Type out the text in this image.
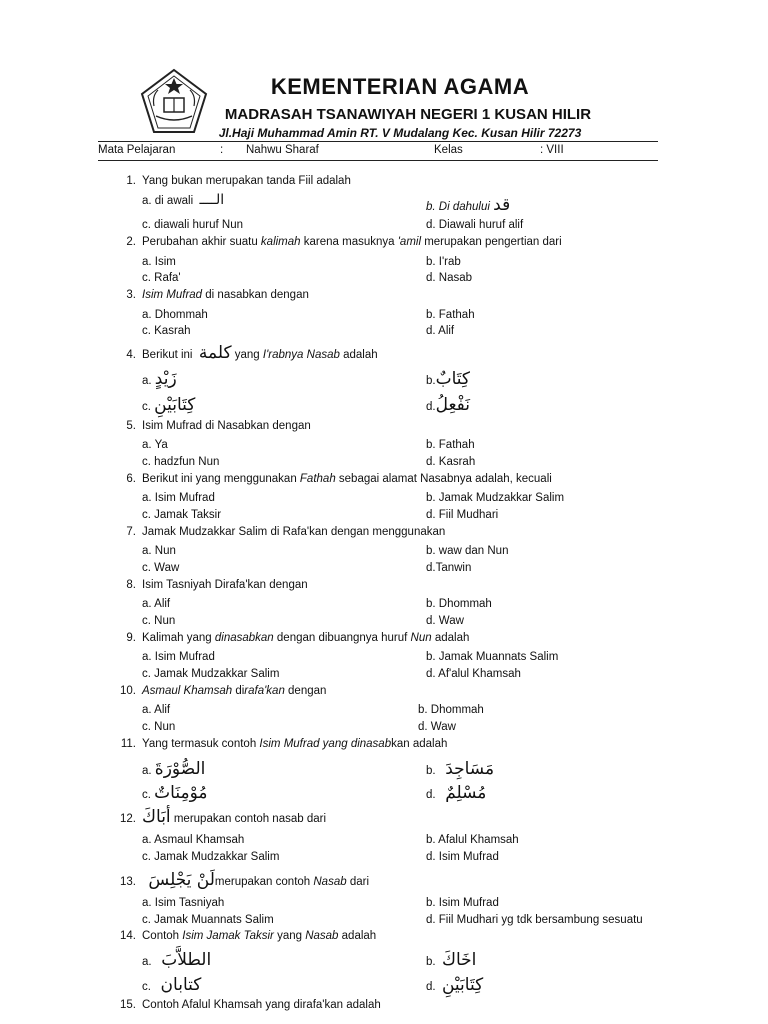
KEMENTERIAN AGAMA
MADRASAH TSANAWIYAH NEGERI 1 KUSAN HILIR
Jl.Haji Muhammad Amin RT. V Mudalang Kec. Kusan Hilir 72273
Mata Pelajaran	: Nahwu Sharaf	Kelas	: VIII
1. Yang bukan merupakan tanda Fiil adalah
a. di awali الــــ	b. Di dahului قد
c. diawali huruf Nun	d. Diawali huruf alif
2. Perubahan akhir suatu kalimah karena masuknya 'amil merupakan pengertian dari
a. Isim	b. I'rab
c. Rafa'	d. Nasab
3. Isim Mufrad di nasabkan dengan
a. Dhommah	b. Fathah
c. Kasrah	d. Alif
4. Berikut ini  كلمة yang I'rabnya Nasab adalah
a. زَيْدٍ	b.كِتَابٌ
c. كِتَابَيْنِ	d.نَفْعِلُ
5. Isim Mufrad di Nasabkan dengan
a. Ya	b. Fathah
c. hadzfun Nun	d. Kasrah
6. Berikut ini yang menggunakan Fathah sebagai alamat Nasabnya adalah, kecuali
a. Isim Mufrad	b. Jamak Mudzakkar Salim
c. Jamak Taksir	d. Fiil Mudhari
7. Jamak Mudzakkar Salim di Rafa'kan dengan menggunakan
a. Nun	b. waw dan Nun
c. Waw	d.Tanwin
8. Isim Tasniyah Dirafa'kan dengan
a. Alif	b. Dhommah
c. Nun	d. Waw
9. Kalimah yang dinasabkan dengan dibuangnya huruf Nun adalah
a. Isim Mufrad	b. Jamak Muannats Salim
c. Jamak Mudzakkar Salim	d. Af'alul Khamsah
10. Asmaul Khamsah dirafa'kan dengan
a. Alif	b. Dhommah
c. Nun	d. Waw
11. Yang termasuk contoh Isim Mufrad yang dinasabkan adalah
a. الصُّوْرَةَ	b. مَسَاجِدَ
c. مُوْمِنَاتٌ	d. مُسْلِمٌ
12. أبَاكَ merupakan contoh nasab dari
a. Asmaul Khamsah	b. Afalul Khamsah
c. Jamak Mudzakkar Salim	d. Isim Mufrad
13. لَنْ يَجْلِسَmerupakan contoh Nasab dari
a. Isim Tasniyah	b. Isim Mufrad
c. Jamak Muannats Salim	d. Fiil Mudhari yg tdk bersambung sesuatu
14. Contoh Isim Jamak Taksir yang Nasab adalah
a. الطلاَّبَ	b. اخَاكَ
c. كتابان	d. كِتَابَيْنِ
15. Contoh Afalul Khamsah yang dirafa'kan adalah
